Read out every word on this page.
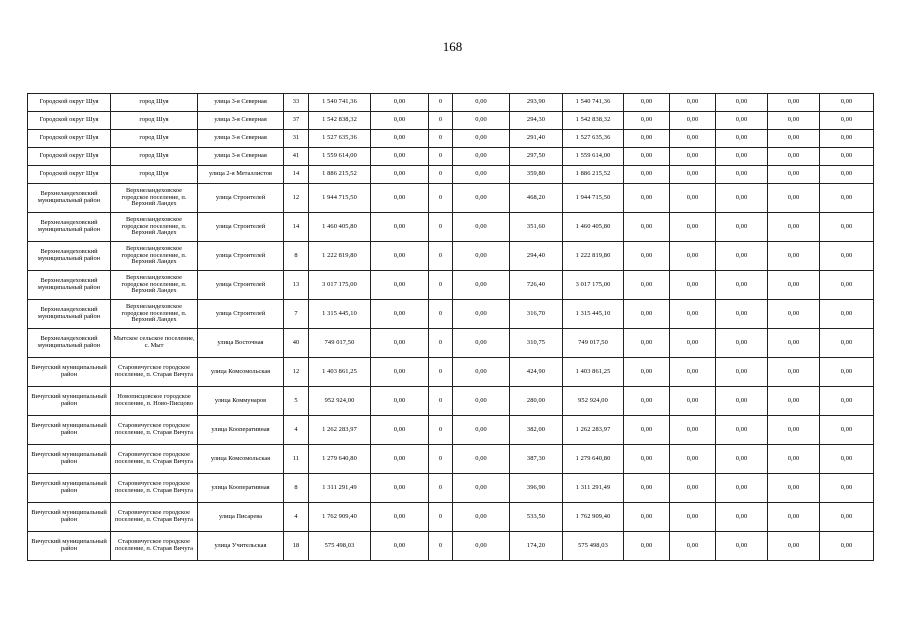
168
Городской округ Шуя	город Шуя	улица 3-я Северная	33	1 540 741,36	0,00	0	0,00	293,90	1 540 741,36	0,00	0,00	0,00	0,00	0,00
Городской округ Шуя	город Шуя	улица 3-я Северная	37	1 542 838,32	0,00	0	0,00	294,30	1 542 838,32	0,00	0,00	0,00	0,00	0,00
Городской округ Шуя	город Шуя	улица 3-я Северная	31	1 527 635,36	0,00	0	0,00	291,40	1 527 635,36	0,00	0,00	0,00	0,00	0,00
Городской округ Шуя	город Шуя	улица 3-я Северная	41	1 559 614,00	0,00	0	0,00	297,50	1 559 614,00	0,00	0,00	0,00	0,00	0,00
Городской округ Шуя	город Шуя	улица 2-я Металлистов	14	1 886 215,52	0,00	0	0,00	359,80	1 886 215,52	0,00	0,00	0,00	0,00	0,00
Верхнеландеховский муниципальный район	Верхнеландеховское городское поселение, п. Верхний Ландех	улица Строителей	12	1 944 715,50	0,00	0	0,00	468,20	1 944 715,50	0,00	0,00	0,00	0,00	0,00
Верхнеландеховский муниципальный район	Верхнеландеховское городское поселение, п. Верхний Ландех	улица Строителей	14	1 460 405,80	0,00	0	0,00	351,60	1 460 405,80	0,00	0,00	0,00	0,00	0,00
Верхнеландеховский муниципальный район	Верхнеландеховское городское поселение, п. Верхний Ландех	улица Строителей	8	1 222 819,80	0,00	0	0,00	294,40	1 222 819,80	0,00	0,00	0,00	0,00	0,00
Верхнеландеховский муниципальный район	Верхнеландеховское городское поселение, п. Верхний Ландех	улица Строителей	13	3 017 175,00	0,00	0	0,00	726,40	3 017 175,00	0,00	0,00	0,00	0,00	0,00
Верхнеландеховский муниципальный район	Верхнеландеховское городское поселение, п. Верхний Ландех	улица Строителей	7	1 315 445,10	0,00	0	0,00	316,70	1 315 445,10	0,00	0,00	0,00	0,00	0,00
Верхнеландеховский муниципальный район	Мытское сельское поселение, с. Мыт	улица Восточная	40	749 017,50	0,00	0	0,00	310,75	749 017,50	0,00	0,00	0,00	0,00	0,00
Вичугский муниципальный район	Старовичугское городское поселение, п. Старая Вичуга	улица Комсомольская	12	1 403 861,25	0,00	0	0,00	424,90	1 403 861,25	0,00	0,00	0,00	0,00	0,00
Вичугский муниципальный район	Новописцовское городское поселение, п. Ново-Писцово	улица Коммунаров	5	952 924,00	0,00	0	0,00	280,00	952 924,00	0,00	0,00	0,00	0,00	0,00
Вичугский муниципальный район	Старовичугское городское поселение, п. Старая Вичуга	улица Кооперативная	4	1 262 283,97	0,00	0	0,00	382,00	1 262 283,97	0,00	0,00	0,00	0,00	0,00
Вичугский муниципальный район	Старовичугское городское поселение, п. Старая Вичуга	улица Комсомольская	11	1 279 640,80	0,00	0	0,00	387,30	1 279 640,80	0,00	0,00	0,00	0,00	0,00
Вичугский муниципальный район	Старовичугское городское поселение, п. Старая Вичуга	улица Кооперативная	8	1 311 291,49	0,00	0	0,00	396,90	1 311 291,49	0,00	0,00	0,00	0,00	0,00
Вичугский муниципальный район	Старовичугское городское поселение, п. Старая Вичуга	улица Писарева	4	1 762 909,40	0,00	0	0,00	533,50	1 762 909,40	0,00	0,00	0,00	0,00	0,00
Вичугский муниципальный район	Старовичугское городское поселение, п. Старая Вичуга	улица Учительская	18	575 498,03	0,00	0	0,00	174,20	575 498,03	0,00	0,00	0,00	0,00	0,00
